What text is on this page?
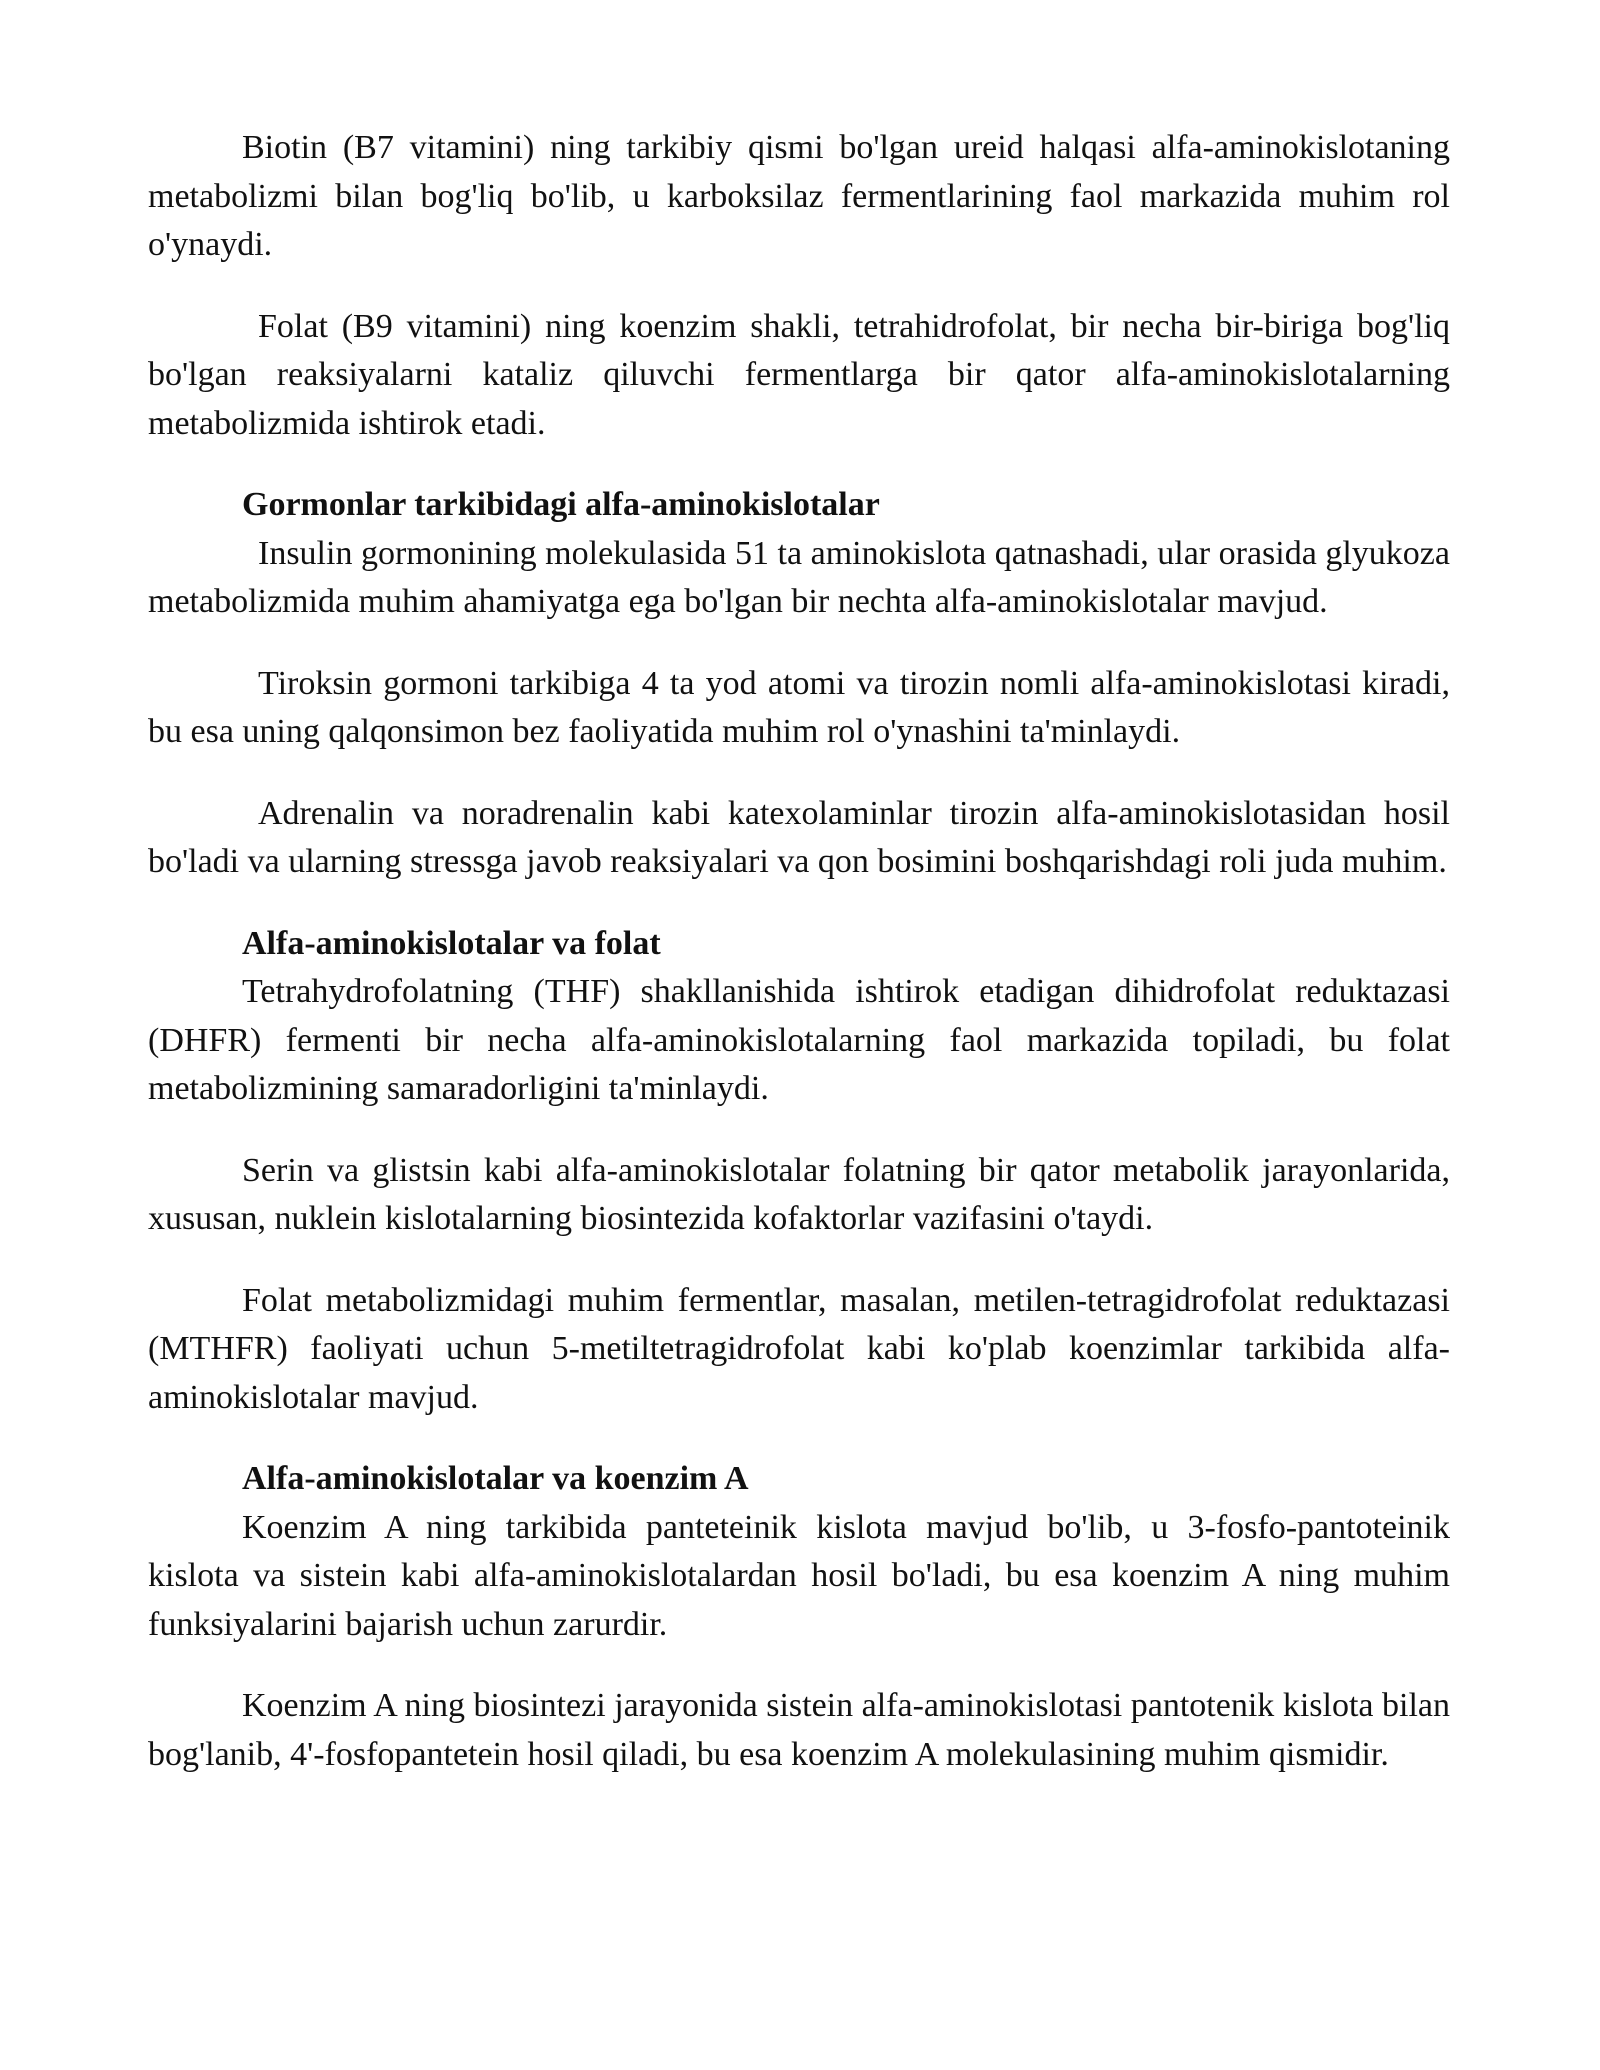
Biotin (B7 vitamini) ning tarkibiy qismi bo'lgan ureid halqasi alfa-aminokislotaning metabolizmi bilan bog'liq bo'lib, u karboksilaz fermentlarining faol markazida muhim rol o'ynaydi.

Folat (B9 vitamini) ning koenzim shakli, tetrahidrofolat, bir necha bir-biriga bog'liq bo'lgan reaksiyalarni kataliz qiluvchi fermentlarga bir qator alfa-aminokislotalarning metabolizmida ishtirok etadi.

Gormonlar tarkibidagi alfa-aminokislotalar

Insulin gormonining molekulasida 51 ta aminokislota qatnashadi, ular orasida glyukoza metabolizmida muhim ahamiyatga ega bo'lgan bir nechta alfa-aminokislotalar mavjud.

Tiroksin gormoni tarkibiga 4 ta yod atomi va tirozin nomli alfa-aminokislotasi kiradi, bu esa uning qalqonsimon bez faoliyatida muhim rol o'ynashini ta'minlaydi.

Adrenalin va noradrenalin kabi katexolaminlar tirozin alfa-aminokislotasidan hosil bo'ladi va ularning stressga javob reaksiyalari va qon bosimini boshqarishdagi roli juda muhim.

Alfa-aminokislotalar va folat

Tetrahydrofolatning (THF) shakllanishida ishtirok etadigan dihidrofolat reduktazasi (DHFR) fermenti bir necha alfa-aminokislotalarning faol markazida topiladi, bu folat metabolizmining samaradorligini ta'minlaydi.

Serin va glistsin kabi alfa-aminokislotalar folatning bir qator metabolik jarayonlarida, xususan, nuklein kislotalarning biosintezida kofaktorlar vazifasini o'taydi.

Folat metabolizmidagi muhim fermentlar, masalan, metilen-tetragidrofolat reduktazasi (MTHFR) faoliyati uchun 5-metiltetragidrofolat kabi ko'plab koenzimlar tarkibida alfa-aminokislotalar mavjud.

Alfa-aminokislotalar va koenzim A

Koenzim A ning tarkibida panteteinik kislota mavjud bo'lib, u 3-fosfo-pantoteinik kislota va sistein kabi alfa-aminokislotalardan hosil bo'ladi, bu esa koenzim A ning muhim funksiyalarini bajarish uchun zarurdir.

Koenzim A ning biosintezi jarayonida sistein alfa-aminokislotasi pantotenik kislota bilan bog'lanib, 4'-fosfopantetein hosil qiladi, bu esa koenzim A molekulasining muhim qismidir.
